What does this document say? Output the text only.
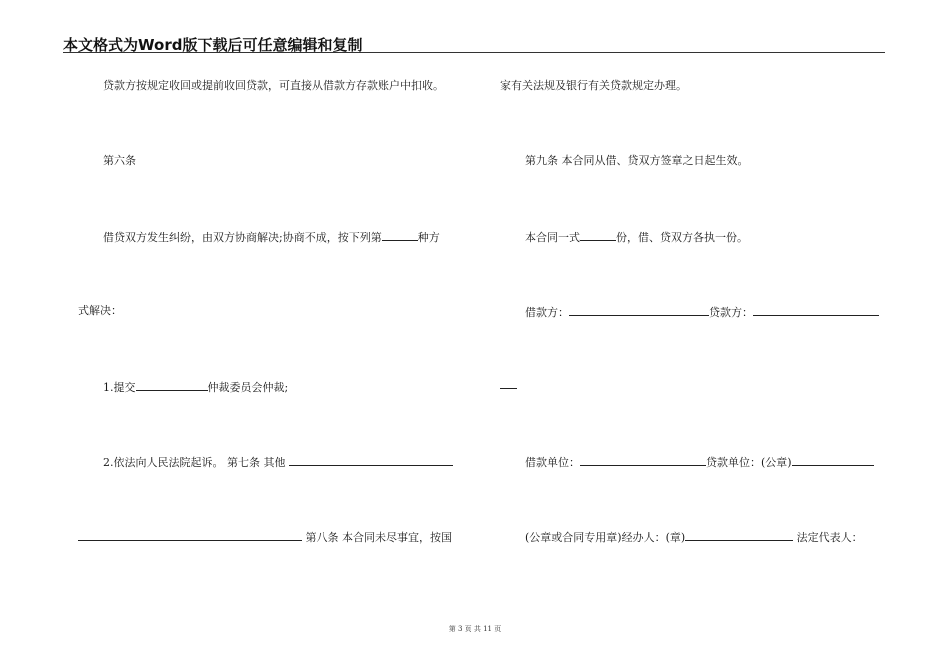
本文格式为Word版下载后可任意编辑和复制
贷款方按规定收回或提前收回贷款，可直接从借款方存款账户中扣收。
第六条
借贷双方发生纠纷，由双方协商解决;协商不成，按下列第	种方
式解决：
1.提交	仲裁委员会仲裁;
2.依法向人民法院起诉。 第七条 其他
第八条 本合同未尽事宜，按国
家有关法规及银行有关贷款规定办理。
第九条 本合同从借、贷双方签章之日起生效。
本合同一式	份，借、贷双方各执一份。
借款方：	贷款方：
借款单位：	贷款单位：(公章)
(公章或合同专用章)经办人：(章)	法定代表人：
第 3 页 共 11 页
